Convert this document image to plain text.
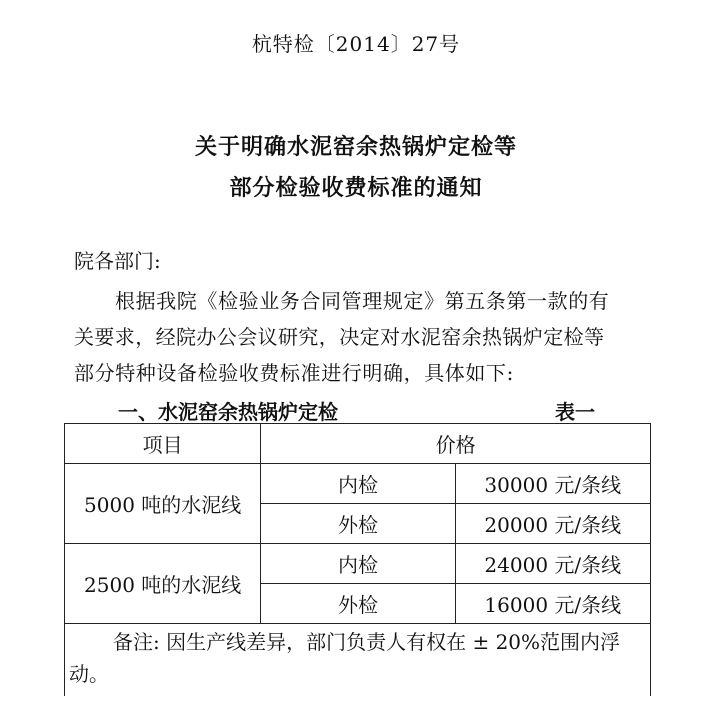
杭特检〔2014〕27号
关于明确水泥窑余热锅炉定检等
部分检验收费标准的通知
院各部门:
根据我院《检验业务合同管理规定》第五条第一款的有
关要求，经院办公会议研究，决定对水泥窑余热锅炉定检等
部分特种设备检验收费标准进行明确，具体如下:
一、水泥窑余热锅炉定检	表一
项目	价格	
5000 吨的水泥线	内检	30000 元/条线
	外检	20000 元/条线
2500 吨的水泥线	内检	24000 元/条线
	外检	16000 元/条线

备注: 因生产线差异，部门负责人有权在 ± 20%范围内浮动。		
